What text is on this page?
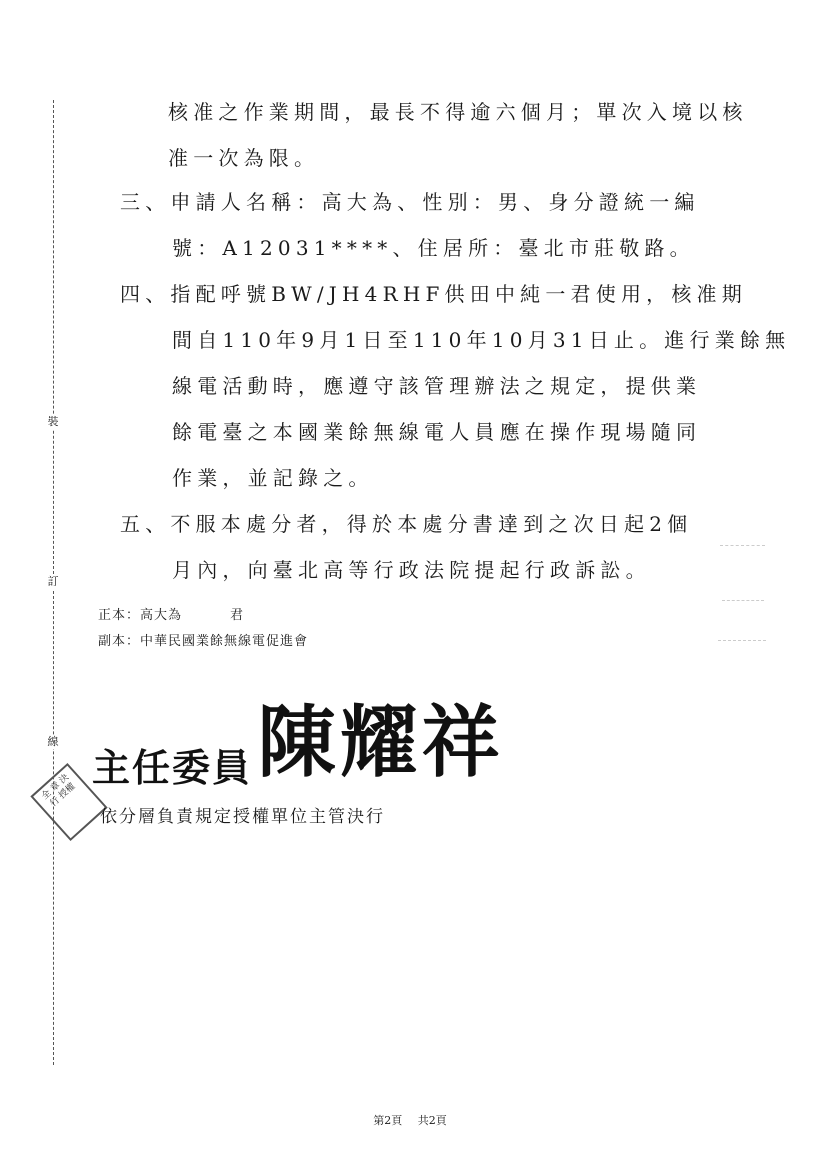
裝
訂
線
核准之作業期間，最長不得逾六個月；單次入境以核
准一次為限。
三、申請人名稱：高大為、性別：男、身分證統一編
號：A12031****、住居所：臺北市莊敬路。
四、指配呼號BW/JH4RHF供田中純一君使用，核准期
間自110年9月1日至110年10月31日止。進行業餘無
線電活動時，應遵守該管理辦法之規定，提供業
餘電臺之本國業餘無線電人員應在操作現場隨同
作業，並記錄之。
五、不服本處分者，得於本處分書達到之次日起2個
月內，向臺北高等行政法院提起行政訴訟。
正本：高大為	君
副本：中華民國業餘無線電促進會
主任委員 陳耀祥
全 章 決行 授權
依分層負責規定授權單位主管決行
第2頁 共2頁
